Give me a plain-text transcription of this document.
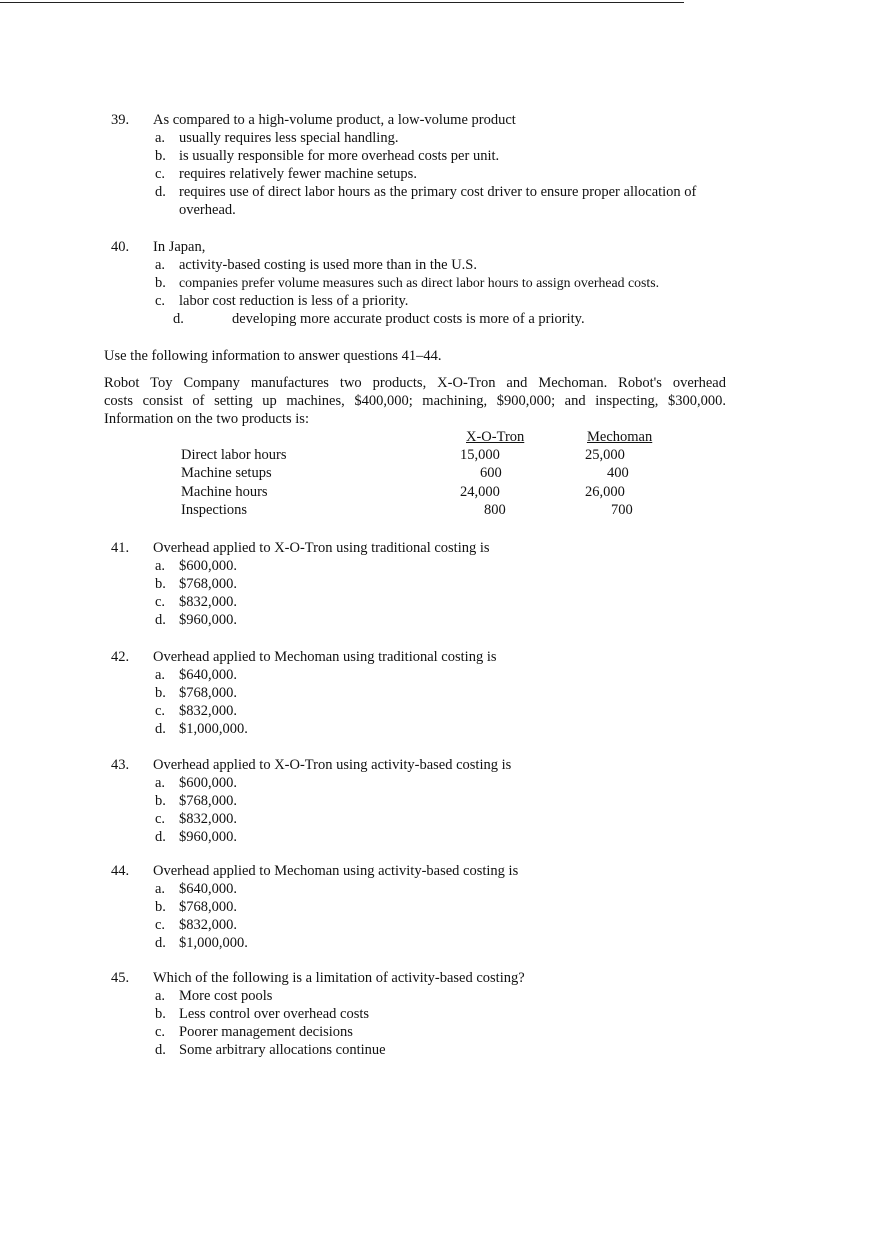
39. As compared to a high-volume product, a low-volume product
a. usually requires less special handling.
b. is usually responsible for more overhead costs per unit.
c. requires relatively fewer machine setups.
d. requires use of direct labor hours as the primary cost driver to ensure proper allocation of overhead.
40. In Japan,
a. activity-based costing is used more than in the U.S.
b. companies prefer volume measures such as direct labor hours to assign overhead costs.
c. labor cost reduction is less of a priority.
d.	developing more accurate product costs is more of a priority.
Use the following information to answer questions 41–44.
Robot Toy Company manufactures two products, X-O-Tron and Mechoman. Robot's overhead
costs consist of setting up machines, $400,000; machining, $900,000; and inspecting, $300,000.
Information on the two products is:
X-O-Tron	Mechoman
Direct labor hours	15,000	25,000
Machine setups	600	400
Machine hours	24,000	26,000
Inspections	800	700
41. Overhead applied to X-O-Tron using traditional costing is
a. $600,000.
b. $768,000.
c. $832,000.
d. $960,000.
42. Overhead applied to Mechoman using traditional costing is
a. $640,000.
b. $768,000.
c. $832,000.
d. $1,000,000.
43. Overhead applied to X-O-Tron using activity-based costing is
a. $600,000.
b. $768,000.
c. $832,000.
d. $960,000.
44. Overhead applied to Mechoman using activity-based costing is
a. $640,000.
b. $768,000.
c. $832,000.
d. $1,000,000.
45. Which of the following is a limitation of activity-based costing?
a. More cost pools
b. Less control over overhead costs
c. Poorer management decisions
d. Some arbitrary allocations continue
